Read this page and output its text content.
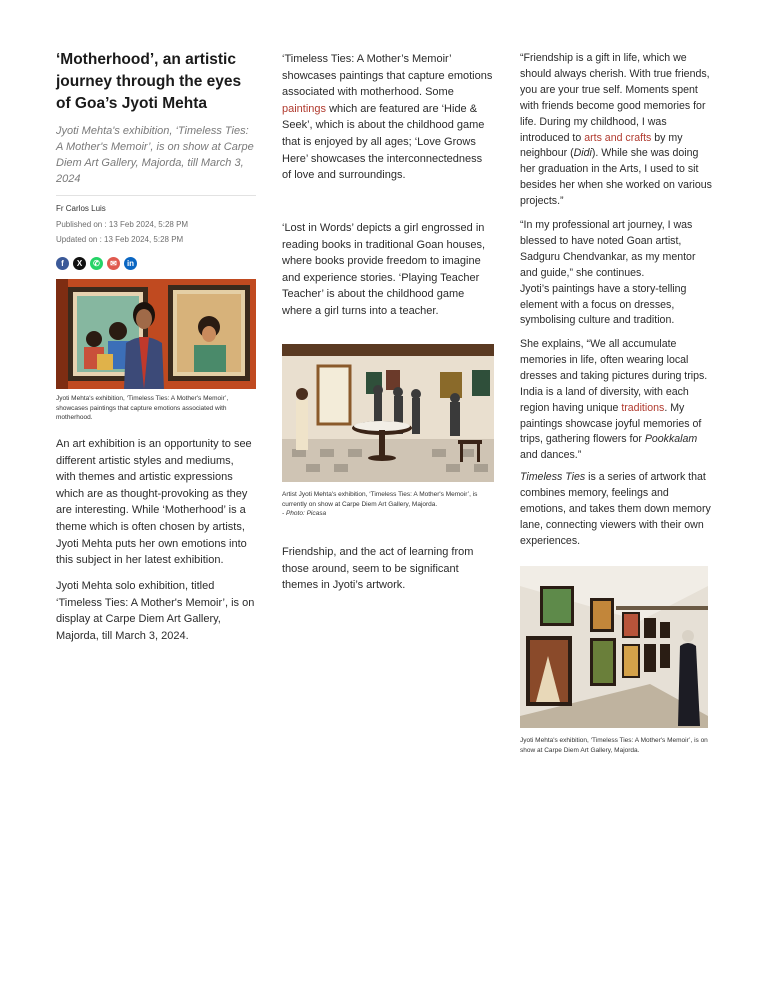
‘Motherhood’, an artistic journey through the eyes of Goa’s Jyoti Mehta

Jyoti Mehta's exhibition, ‘Timeless Ties: A Mother's Memoir’, is on show at Carpe Diem Art Gallery, Majorda, till March 3, 2024

Fr Carlos Luis
Published on : 13 Feb 2024, 5:28 PM
Updated on : 13 Feb 2024, 5:28 PM
f	X	✆	✉	in

Jyoti Mehta's exhibition, ‘Timeless Ties: A Mother's Memoir’, showcases paintings that capture emotions associated with motherhood.

An art exhibition is an opportunity to see different artistic styles and mediums, with themes and artistic expressions which are as thought-provoking as they are interesting. While ‘Motherhood’ is a theme which is often chosen by artists, Jyoti Mehta puts her own emotions into this subject in her latest exhibition.

Jyoti Mehta solo exhibition, titled ‘Timeless Ties: A Mother's Memoir’, is on display at Carpe Diem Art Gallery, Majorda, till March 3, 2024.

‘Timeless Ties: A Mother’s Memoir’ showcases paintings that capture emotions associated with motherhood. Some paintings which are featured are ‘Hide & Seek’, which is about the childhood game that is enjoyed by all ages; ‘Love Grows Here’ showcases the interconnectedness of love and surroundings.

‘Lost in Words’ depicts a girl engrossed in reading books in traditional Goan houses, where books provide freedom to imagine and experience stories. ‘Playing Teacher Teacher’ is about the childhood game where a girl turns into a teacher.

Artist Jyoti Mehta's exhibition, ‘Timeless Ties: A Mother's Memoir’, is currently on show at Carpe Diem Art Gallery, Majorda.
- Photo: Picasa

Friendship, and the act of learning from those around, seem to be significant themes in Jyoti’s artwork.

“Friendship is a gift in life, which we should always cherish. With true friends, you are your true self. Moments spent with friends become good memories for life. During my childhood, I was introduced to arts and crafts by my neighbour (Didi). While she was doing her graduation in the Arts, I used to sit besides her when she worked on various projects.”

“In my professional art journey, I was blessed to have noted Goan artist, Sadguru Chendvankar, as my mentor and guide,” she continues.
Jyoti’s paintings have a story-telling element with a focus on dresses, symbolising culture and tradition.

She explains, “We all accumulate memories in life, often wearing local dresses and taking pictures during trips. India is a land of diversity, with each region having unique traditions. My paintings showcase joyful memories of trips, gathering flowers for Pookkalam and dances.”

Timeless Ties is a series of artwork that combines memory, feelings and emotions, and takes them down memory lane, connecting viewers with their own experiences.

Jyoti Mehta's exhibition, ‘Timeless Ties: A Mother's Memoir’, is on show at Carpe Diem Art Gallery, Majorda.
